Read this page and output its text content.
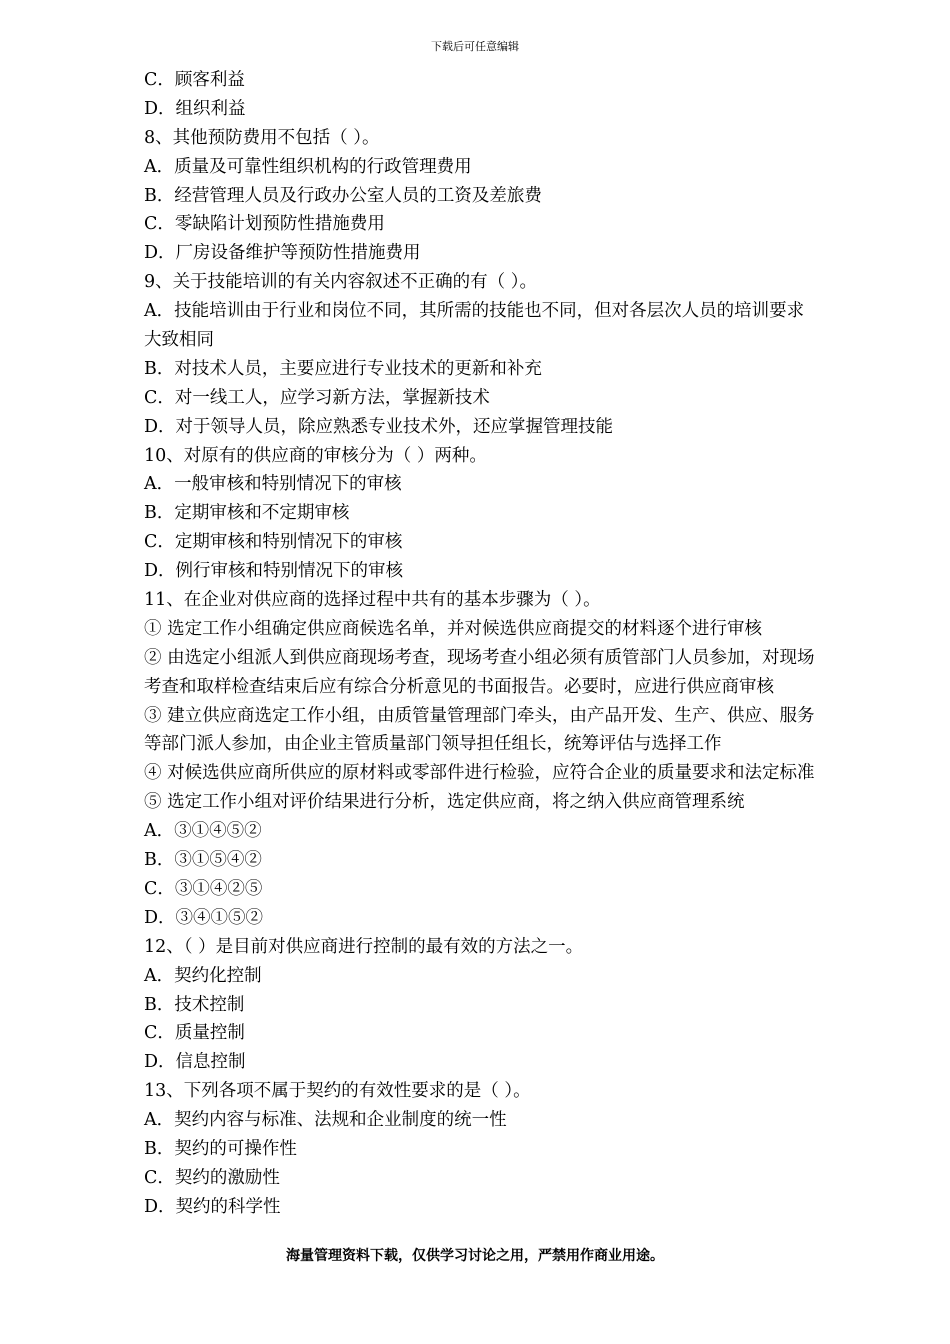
下载后可任意编辑
C．顾客利益
D．组织利益
8、其他预防费用不包括（ ）。
A．质量及可靠性组织机构的行政管理费用
B．经营管理人员及行政办公室人员的工资及差旅费
C．零缺陷计划预防性措施费用
D．厂房设备维护等预防性措施费用
9、关于技能培训的有关内容叙述不正确的有（ ）。
A．技能培训由于行业和岗位不同，其所需的技能也不同，但对各层次人员的培训要求
大致相同
B．对技术人员，主要应进行专业技术的更新和补充
C．对一线工人，应学习新方法，掌握新技术
D．对于领导人员，除应熟悉专业技术外，还应掌握管理技能
10、对原有的供应商的审核分为（ ）两种。
A．一般审核和特别情况下的审核
B．定期审核和不定期审核
C．定期审核和特别情况下的审核
D．例行审核和特别情况下的审核
11、在企业对供应商的选择过程中共有的基本步骤为（ ）。
① 选定工作小组确定供应商候选名单，并对候选供应商提交的材料逐个进行审核
② 由选定小组派人到供应商现场考查，现场考查小组必须有质管部门人员参加，对现场
考查和取样检查结束后应有综合分析意见的书面报告。必要时，应进行供应商审核
③ 建立供应商选定工作小组，由质管量管理部门牵头，由产品开发、生产、供应、服务
等部门派人参加，由企业主管质量部门领导担任组长，统筹评估与选择工作
④ 对候选供应商所供应的原材料或零部件进行检验，应符合企业的质量要求和法定标准
⑤ 选定工作小组对评价结果进行分析，选定供应商，将之纳入供应商管理系统
A．③①④⑤②
B．③①⑤④②
C．③①④②⑤
D．③④①⑤②
12、（ ）是目前对供应商进行控制的最有效的方法之一。
A．契约化控制
B．技术控制
C．质量控制
D．信息控制
13、下列各项不属于契约的有效性要求的是（ ）。
A．契约内容与标准、法规和企业制度的统一性
B．契约的可操作性
C．契约的激励性
D．契约的科学性
海量管理资料下载，仅供学习讨论之用，严禁用作商业用途。
